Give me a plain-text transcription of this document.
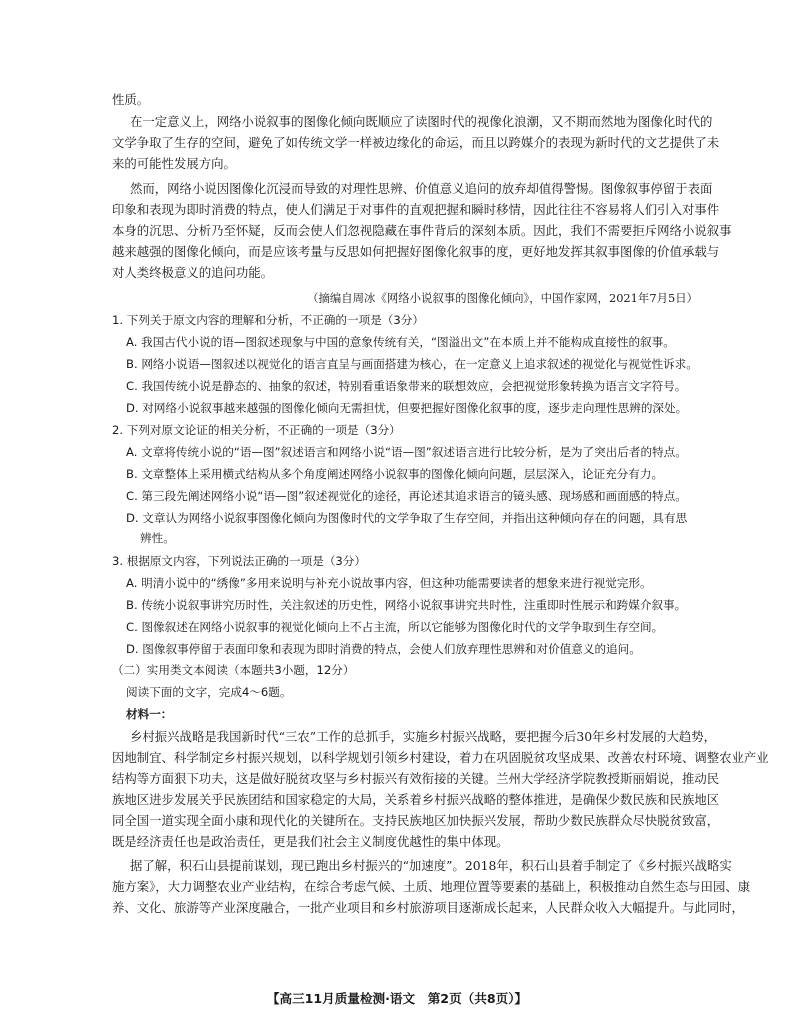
性质。
在一定意义上，网络小说叙事的图像化倾向既顺应了读图时代的视像化浪潮，又不期而然地为图像化时代的
文学争取了生存的空间，避免了如传统文学一样被边缘化的命运，而且以跨媒介的表现为新时代的文艺提供了未
来的可能性发展方向。
然而，网络小说因图像化沉浸而导致的对理性思辨、价值意义追问的放弃却值得警惕。图像叙事停留于表面
印象和表现为即时消费的特点，使人们满足于对事件的直观把握和瞬时移情，因此往往不容易将人们引入对事件
本身的沉思、分析乃至怀疑，反而会使人们忽视隐藏在事件背后的深刻本质。因此，我们不需要拒斥网络小说叙事
越来越强的图像化倾向，而是应该考量与反思如何把握好图像化叙事的度，更好地发挥其叙事图像的价值承载与
对人类终极意义的追问功能。
（摘编自周冰《网络小说叙事的图像化倾向》，中国作家网，2021年7月5日）
1. 下列关于原文内容的理解和分析，不正确的一项是（3分）
A. 我国古代小说的语—图叙述现象与中国的意象传统有关，“图溢出文”在本质上并不能构成直接性的叙事。
B. 网络小说语—图叙述以视觉化的语言直呈与画面搭建为核心，在一定意义上追求叙述的视觉化与视觉性诉求。
C. 我国传统小说是静态的、抽象的叙述，特别看重语象带来的联想效应，会把视觉形象转换为语言文字符号。
D. 对网络小说叙事越来越强的图像化倾向无需担忧，但要把握好图像化叙事的度，逐步走向理性思辨的深处。
2. 下列对原文论证的相关分析，不正确的一项是（3分）
A. 文章将传统小说的“语—图”叙述语言和网络小说“语—图”叙述语言进行比较分析，是为了突出后者的特点。
B. 文章整体上采用横式结构从多个角度阐述网络小说叙事的图像化倾向问题，层层深入，论证充分有力。
C. 第三段先阐述网络小说“语—图”叙述视觉化的途径，再论述其追求语言的镜头感、现场感和画面感的特点。
D. 文章认为网络小说叙事图像化倾向为图像时代的文学争取了生存空间，并指出这种倾向存在的问题，具有思
辨性。
3. 根据原文内容，下列说法正确的一项是（3分）
A. 明清小说中的“绣像”多用来说明与补充小说故事内容，但这种功能需要读者的想象来进行视觉完形。
B. 传统小说叙事讲究历时性，关注叙述的历史性，网络小说叙事讲究共时性，注重即时性展示和跨媒介叙事。
C. 图像叙述在网络小说叙事的视觉化倾向上不占主流，所以它能够为图像化时代的文学争取到生存空间。
D. 图像叙事停留于表面印象和表现为即时消费的特点，会使人们放弃理性思辨和对价值意义的追问。
（二）实用类文本阅读（本题共3小题，12分）
阅读下面的文字，完成4～6题。
材料一：
乡村振兴战略是我国新时代“三农”工作的总抓手，实施乡村振兴战略，要把握今后30年乡村发展的大趋势，
因地制宜、科学制定乡村振兴规划，以科学规划引领乡村建设，着力在巩固脱贫攻坚成果、改善农村环境、调整农业产业
结构等方面狠下功夫，这是做好脱贫攻坚与乡村振兴有效衔接的关键。兰州大学经济学院教授斯丽娟说，推动民
族地区进步发展关乎民族团结和国家稳定的大局，关系着乡村振兴战略的整体推进，是确保少数民族和民族地区
同全国一道实现全面小康和现代化的关键所在。支持民族地区加快振兴发展，帮助少数民族群众尽快脱贫致富，
既是经济责任也是政治责任，更是我们社会主义制度优越性的集中体现。
据了解，积石山县提前谋划，现已跑出乡村振兴的“加速度”。2018年，积石山县着手制定了《乡村振兴战略实
施方案》，大力调整农业产业结构，在综合考虑气候、土质、地理位置等要素的基础上，积极推动自然生态与田园、康
养、文化、旅游等产业深度融合，一批产业项目和乡村旅游项目逐渐成长起来，人民群众收入大幅提升。与此同时，
【高三11月质量检测·语文　第2页（共8页）】
